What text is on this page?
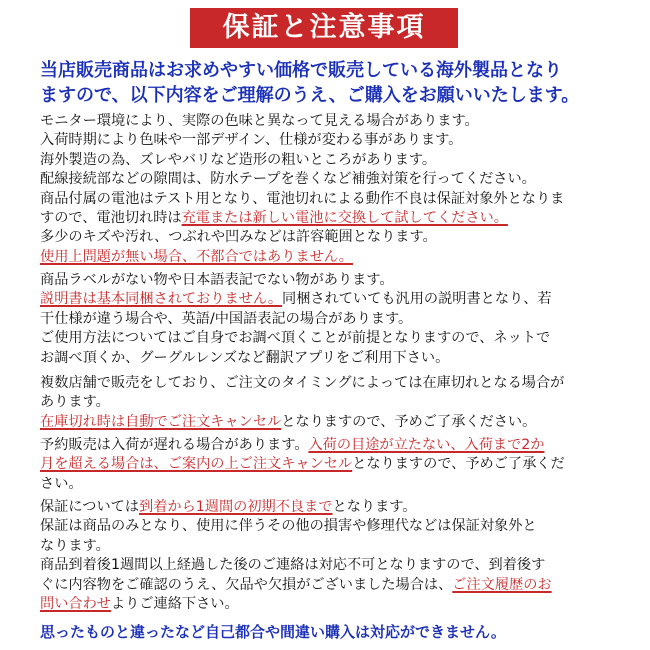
保証と注意事項

当店販売商品はお求めやすい価格で販売している海外製品となり

ますので、以下内容をご理解のうえ、ご購入をお願いいたします。

モニター環境により、実際の色味と異なって見える場合があります。

入荷時期により色味や一部デザイン、仕様が変わる事があります。

海外製造の為、ズレやバリなど造形の粗いところがあります。

配線接続部などの隙間は、防水テープを巻くなど補強対策を行ってください。

商品付属の電池はテスト用となり、電池切れによる動作不良は保証対象外となりま

すので、電池切れ時は充電または新しい電池に交換して試してください。

多少のキズや汚れ、つぶれや凹みなどは許容範囲となります。

使用上問題が無い場合、不都合ではありません。

商品ラベルがない物や日本語表記でない物があります。

説明書は基本同梱されておりません。同梱されていても汎用の説明書となり、若

干仕様が違う場合や、英語/中国語表記の場合があります。

ご使用方法についてはご自身でお調べ頂くことが前提となりますので、ネットで

お調べ頂くか、グーグルレンズなど翻訳アプリをご利用下さい。

複数店舗で販売をしており、ご注文のタイミングによっては在庫切れとなる場合が

あります。

在庫切れ時は自動でご注文キャンセルとなりますので、予めご了承ください。

予約販売は入荷が遅れる場合があります。入荷の目途が立たない、入荷まで2か

月を超える場合は、ご案内の上ご注文キャンセルとなりますので、予めご了承くだ

さい。

保証については到着から1週間の初期不良までとなります。

保証は商品のみとなり、使用に伴うその他の損害や修理代などは保証対象外と

なります。

商品到着後1週間以上経過した後のご連絡は対応不可となりますので、到着後す

ぐに内容物をご確認のうえ、欠品や欠損がございました場合は、ご注文履歴のお

問い合わせよりご連絡下さい。

思ったものと違ったなど自己都合や間違い購入は対応ができません。
